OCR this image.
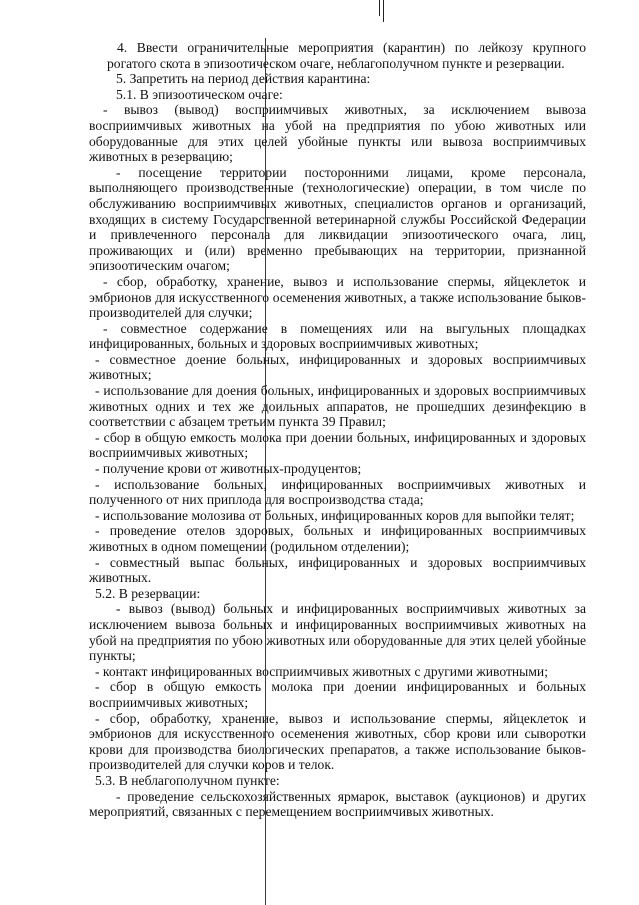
4. Ввести ограничительные мероприятия (карантин) по лейкозу крупного рогатого скота в эпизоотическом очаге, неблагополучном пункте и резервации.

5. Запретить на период действия карантина:

5.1. В эпизоотическом очаге:

- вывоз (вывод) восприимчивых животных, за исключением вывоза восприимчивых животных на убой на предприятия по убою животных или оборудованные для этих целей убойные пункты или вывоза восприимчивых животных в резервацию;

- посещение территории посторонними лицами, кроме персонала, выполняющего производственные (технологические) операции, в том числе по обслуживанию восприимчивых животных, специалистов органов и организаций, входящих в систему Государственной ветеринарной службы Российской Федерации и привлеченного персонала для ликвидации эпизоотического очага, лиц, проживающих и (или) временно пребывающих на территории, признанной эпизоотическим очагом;

- сбор, обработку, хранение, вывоз и использование спермы, яйцеклеток и эмбрионов для искусственного осеменения животных, а также использование быков-производителей для случки;

- совместное содержание в помещениях или на выгульных площадках инфицированных, больных и здоровых восприимчивых животных;

- совместное доение больных, инфицированных и здоровых восприимчивых животных;

- использование для доения больных, инфицированных и здоровых восприимчивых животных одних и тех же доильных аппаратов, не прошедших дезинфекцию в соответствии с абзацем третьим пункта 39 Правил;

- сбор в общую емкость молока при доении больных, инфицированных и здоровых восприимчивых животных;

- получение крови от животных-продуцентов;

- использование больных, инфицированных восприимчивых животных и полученного от них приплода для воспроизводства стада;

- использование молозива от больных, инфицированных коров для выпойки телят;

- проведение отелов здоровых, больных и инфицированных восприимчивых животных в одном помещении (родильном отделении);

- совместный выпас больных, инфицированных и здоровых восприимчивых животных.

5.2. В резервации:

- вывоз (вывод) больных и инфицированных восприимчивых животных за исключением вывоза больных и инфицированных восприимчивых животных на убой на предприятия по убою животных или оборудованные для этих целей убойные пункты;

- контакт инфицированных восприимчивых животных с другими животными;

- сбор в общую емкость молока при доении инфицированных и больных восприимчивых животных;

- сбор, обработку, хранение, вывоз и использование спермы, яйцеклеток и эмбрионов для искусственного осеменения животных, сбор крови или сыворотки крови для производства биологических препаратов, а также использование быков-производителей для случки коров и телок.

5.3. В неблагополучном пункте:

- проведение сельскохозяйственных ярмарок, выставок (аукционов) и других мероприятий, связанных с перемещением восприимчивых животных.
